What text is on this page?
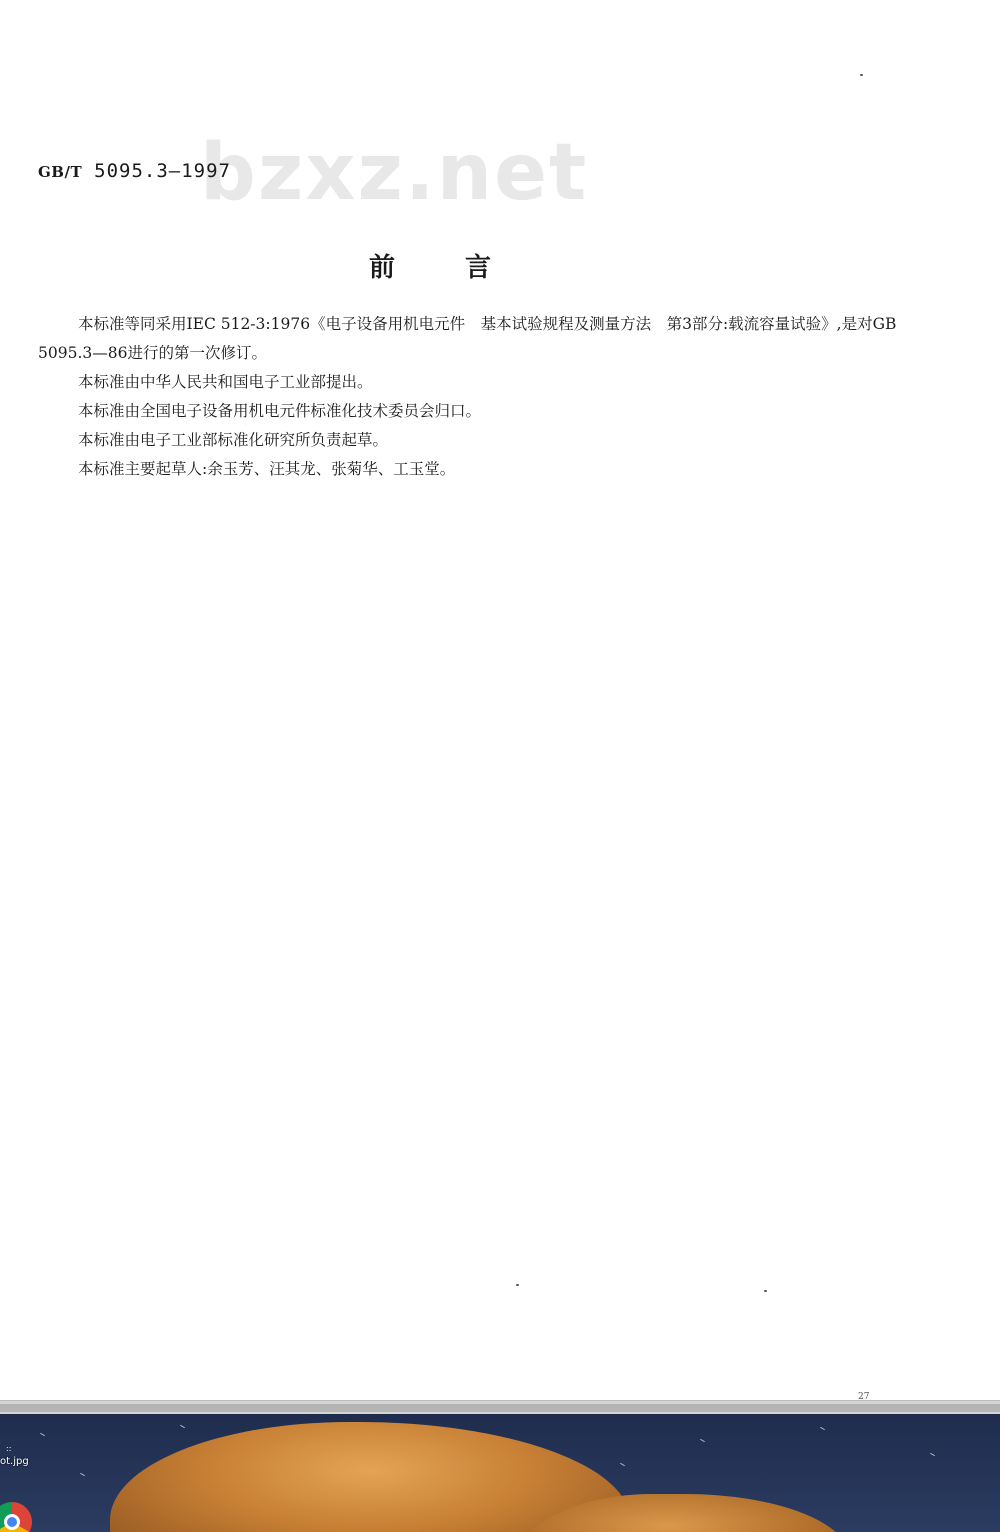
bzxz.net
GB/T 5095.3—1997
前言

本标准等同采用IEC 512-3:1976《电子设备用机电元件　基本试验规程及测量方法　第3部分:载流容量试验》,是对GB 5095.3—86进行的第一次修订。

本标准由中华人民共和国电子工业部提出。

本标准由全国电子设备用机电元件标准化技术委员会归口。

本标准由电子工业部标准化研究所负责起草。

本标准主要起草人:余玉芳、汪其龙、张菊华、工玉堂。

27
::
ot.jpg
